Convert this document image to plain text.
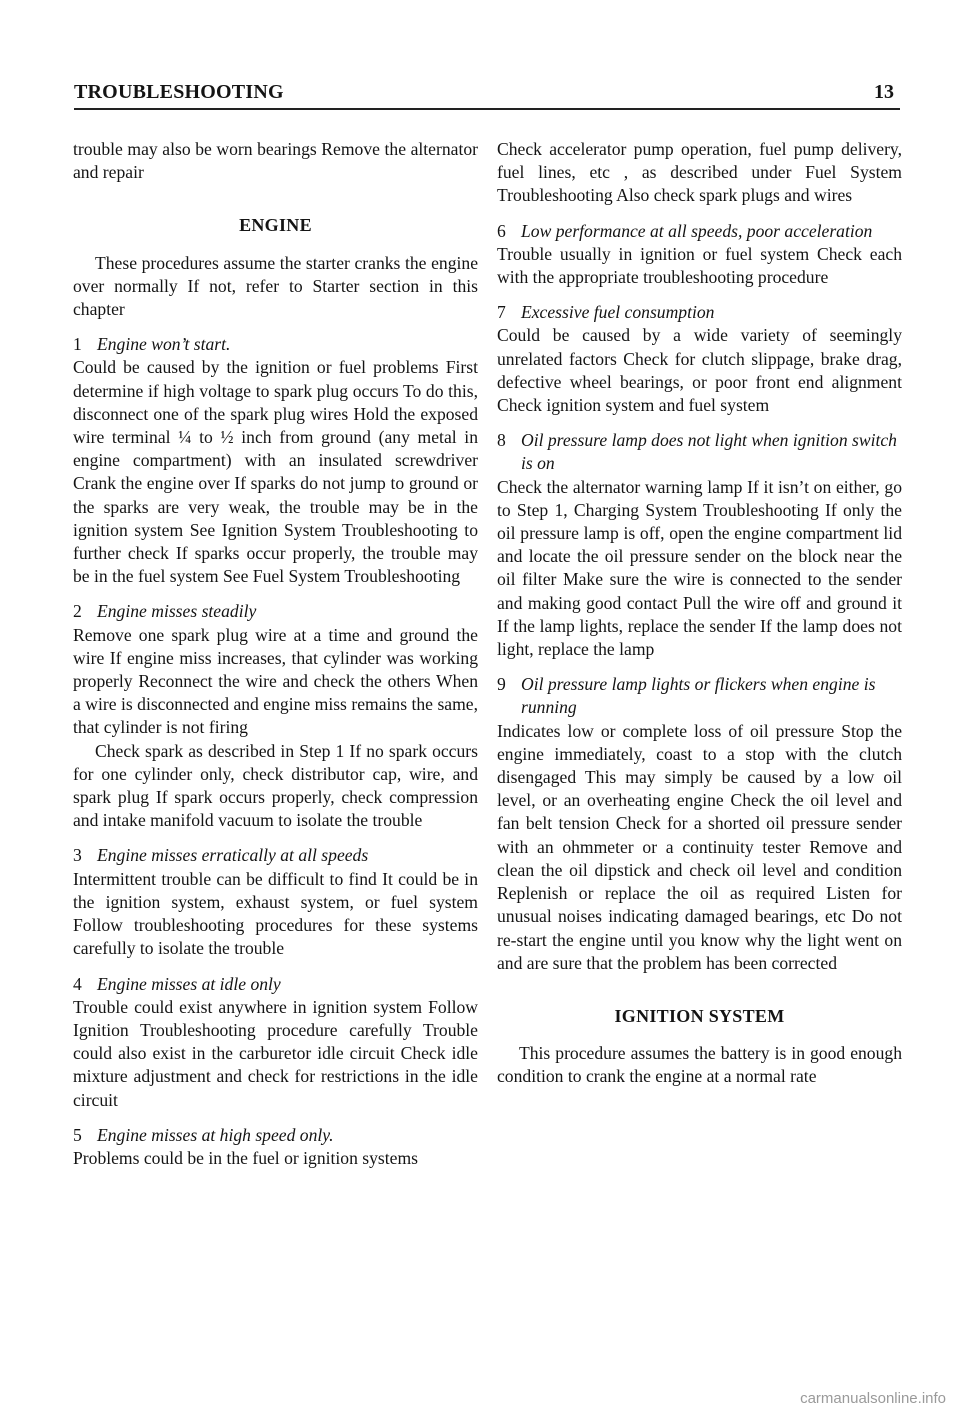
TROUBLESHOOTING	13

trouble may also be worn bearings Remove the alternator and repair

ENGINE

These procedures assume the starter cranks the engine over normally If not, refer to Starter section in this chapter

1 Engine won’t start.

Could be caused by the ignition or fuel problems First determine if high voltage to spark plug occurs To do this, disconnect one of the spark plug wires Hold the exposed wire terminal ¼ to ½ inch from ground (any metal in engine compartment) with an insulated screwdriver Crank the engine over If sparks do not jump to ground or the sparks are very weak, the trouble may be in the ignition system See Ignition System Troubleshooting to further check If sparks occur properly, the trouble may be in the fuel system See Fuel System Troubleshooting

2 Engine misses steadily

Remove one spark plug wire at a time and ground the wire If engine miss increases, that cylinder was working properly Reconnect the wire and check the others When a wire is disconnected and engine miss remains the same, that cylinder is not firing

Check spark as described in Step 1 If no spark occurs for one cylinder only, check distributor cap, wire, and spark plug If spark occurs properly, check compression and intake manifold vacuum to isolate the trouble

3 Engine misses erratically at all speeds

Intermittent trouble can be difficult to find It could be in the ignition system, exhaust system, or fuel system Follow troubleshooting procedures for these systems carefully to isolate the trouble

4 Engine misses at idle only

Trouble could exist anywhere in ignition system Follow Ignition Troubleshooting procedure carefully Trouble could also exist in the carburetor idle circuit Check idle mixture adjustment and check for restrictions in the idle circuit

5 Engine misses at high speed only.

Problems could be in the fuel or ignition systems

Check accelerator pump operation, fuel pump delivery, fuel lines, etc , as described under Fuel System Troubleshooting Also check spark plugs and wires

6 Low performance at all speeds, poor acceleration

Trouble usually in ignition or fuel system Check each with the appropriate troubleshooting procedure

7 Excessive fuel consumption

Could be caused by a wide variety of seemingly unrelated factors Check for clutch slippage, brake drag, defective wheel bearings, or poor front end alignment Check ignition system and fuel system

8 Oil pressure lamp does not light when ignition switch is on

Check the alternator warning lamp If it isn’t on either, go to Step 1, Charging System Troubleshooting If only the oil pressure lamp is off, open the engine compartment lid and locate the oil pressure sender on the block near the oil filter Make sure the wire is connected to the sender and making good contact Pull the wire off and ground it If the lamp lights, replace the sender If the lamp does not light, replace the lamp

9 Oil pressure lamp lights or flickers when engine is running

Indicates low or complete loss of oil pressure Stop the engine immediately, coast to a stop with the clutch disengaged This may simply be caused by a low oil level, or an overheating engine Check the oil level and fan belt tension Check for a shorted oil pressure sender with an ohmmeter or a continuity tester Remove and clean the oil dipstick and check oil level and condition Replenish or replace the oil as required Listen for unusual noises indicating damaged bearings, etc Do not re-start the engine until you know why the light went on and are sure that the problem has been corrected

IGNITION SYSTEM

This procedure assumes the battery is in good enough condition to crank the engine at a normal rate

carmanualsonline.info
